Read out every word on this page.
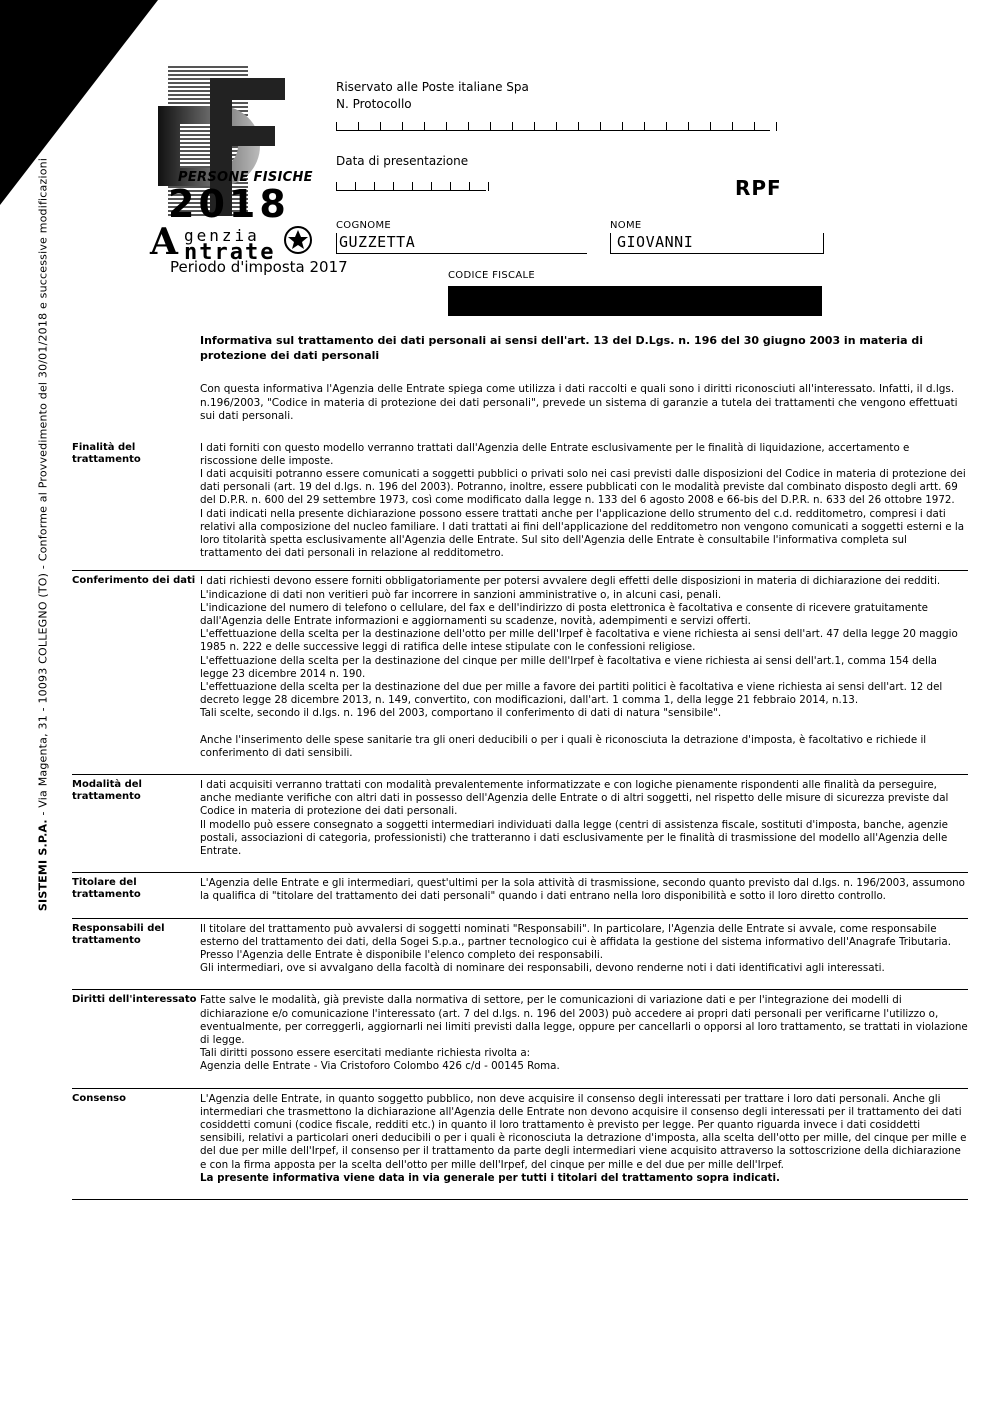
SISTEMI S.P.A. - Via Magenta, 31 - 10093 COLLEGNO (TO) - Conforme al Provvedimento del 30/01/2018 e successive modificazioni	PERSONE FISICHE
2018
A genzia
ntrate
Periodo d'imposta 2017
Riservato alle Poste italiane Spa
N. Protocollo
Data di presentazione
RPF
COGNOME
GUZZETTA
NOME
GIOVANNI
CODICE FISCALE
Informativa sul trattamento dei dati personali ai sensi dell'art. 13 del D.Lgs. n. 196 del 30 giugno 2003 in materia di protezione dei dati personali
Con questa informativa l'Agenzia delle Entrate spiega come utilizza i dati raccolti e quali sono i diritti riconosciuti all'interessato. Infatti, il d.lgs. n.196/2003, "Codice in materia di protezione dei dati personali", prevede un sistema di garanzie a tutela dei trattamenti che vengono effettuati sui dati personali.
Finalità del trattamento

I dati forniti con questo modello verranno trattati dall'Agenzia delle Entrate esclusivamente per le finalità di liquidazione, accertamento e riscossione delle imposte.

I dati acquisiti potranno essere comunicati a soggetti pubblici o privati solo nei casi previsti dalle disposizioni del Codice in materia di protezione dei dati personali (art. 19 del d.lgs. n. 196 del 2003). Potranno, inoltre, essere pubblicati con le modalità previste dal combinato disposto degli artt. 69 del D.P.R. n. 600 del 29 settembre 1973, così come modificato dalla legge n. 133 del 6 agosto 2008 e 66-bis del D.P.R. n. 633 del 26 ottobre 1972.

I dati indicati nella presente dichiarazione possono essere trattati anche per l'applicazione dello strumento del c.d. redditometro, compresi i dati relativi alla composizione del nucleo familiare. I dati trattati ai fini dell'applicazione del redditometro non vengono comunicati a soggetti esterni e la loro titolarità spetta esclusivamente all'Agenzia delle Entrate. Sul sito dell'Agenzia delle Entrate è consultabile l'informativa completa sul trattamento dei dati personali in relazione al redditometro.

Conferimento dei dati I dati richiesti devono essere forniti obbligatoriamente per potersi avvalere degli effetti delle disposizioni in materia di dichiarazione dei redditi.

L'indicazione di dati non veritieri può far incorrere in sanzioni amministrative o, in alcuni casi, penali.

L'indicazione del numero di telefono o cellulare, del fax e dell'indirizzo di posta elettronica è facoltativa e consente di ricevere gratuitamente dall'Agenzia delle Entrate informazioni e aggiornamenti su scadenze, novità, adempimenti e servizi offerti.

L'effettuazione della scelta per la destinazione dell'otto per mille dell'Irpef è facoltativa e viene richiesta ai sensi dell'art. 47 della legge 20 maggio 1985 n. 222 e delle successive leggi di ratifica delle intese stipulate con le confessioni religiose.

L'effettuazione della scelta per la destinazione del cinque per mille dell'Irpef è facoltativa e viene richiesta ai sensi dell'art.1, comma 154 della legge 23 dicembre 2014 n. 190.

L'effettuazione della scelta per la destinazione del due per mille a favore dei partiti politici è facoltativa e viene richiesta ai sensi dell'art. 12 del decreto legge 28 dicembre 2013, n. 149, convertito, con modificazioni, dall'art. 1 comma 1, della legge 21 febbraio 2014, n.13.

Tali scelte, secondo il d.lgs. n. 196 del 2003, comportano il conferimento di dati di natura "sensibile".

Anche l'inserimento delle spese sanitarie tra gli oneri deducibili o per i quali è riconosciuta la detrazione d'imposta, è facoltativo e richiede il conferimento di dati sensibili.

Modalità del trattamento

I dati acquisiti verranno trattati con modalità prevalentemente informatizzate e con logiche pienamente rispondenti alle finalità da perseguire, anche mediante verifiche con altri dati in possesso dell'Agenzia delle Entrate o di altri soggetti, nel rispetto delle misure di sicurezza previste dal Codice in materia di protezione dei dati personali.

Il modello può essere consegnato a soggetti intermediari individuati dalla legge (centri di assistenza fiscale, sostituti d'imposta, banche, agenzie postali, associazioni di categoria, professionisti) che tratteranno i dati esclusivamente per le finalità di trasmissione del modello all'Agenzia delle Entrate.

Titolare del trattamento

L'Agenzia delle Entrate e gli intermediari, quest'ultimi per la sola attività di trasmissione, secondo quanto previsto dal d.lgs. n. 196/2003, assumono la qualifica di "titolare del trattamento dei dati personali" quando i dati entrano nella loro disponibilità e sotto il loro diretto controllo.

Responsabili del trattamento

Il titolare del trattamento può avvalersi di soggetti nominati "Responsabili". In particolare, l'Agenzia delle Entrate si avvale, come responsabile esterno del trattamento dei dati, della Sogei S.p.a., partner tecnologico cui è affidata la gestione del sistema informativo dell'Anagrafe Tributaria.

Presso l'Agenzia delle Entrate è disponibile l'elenco completo dei responsabili.

Gli intermediari, ove si avvalgano della facoltà di nominare dei responsabili, devono renderne noti i dati identificativi agli interessati.

Diritti dell'interessato Fatte salve le modalità, già previste dalla normativa di settore, per le comunicazioni di variazione dati e per l'integrazione dei modelli di dichiarazione e/o comunicazione l'interessato (art. 7 del d.lgs. n. 196 del 2003) può accedere ai propri dati personali per verificarne l'utilizzo o, eventualmente, per correggerli, aggiornarli nei limiti previsti dalla legge, oppure per cancellarli o opporsi al loro trattamento, se trattati in violazione di legge.

Tali diritti possono essere esercitati mediante richiesta rivolta a:

Agenzia delle Entrate - Via Cristoforo Colombo 426 c/d - 00145 Roma.

Consenso	L'Agenzia delle Entrate, in quanto soggetto pubblico, non deve acquisire il consenso degli interessati per trattare i loro dati personali. Anche gli intermediari che trasmettono la dichiarazione all'Agenzia delle Entrate non devono acquisire il consenso degli interessati per il trattamento dei dati cosiddetti comuni (codice fiscale, redditi etc.) in quanto il loro trattamento è previsto per legge. Per quanto riguarda invece i dati cosiddetti sensibili, relativi a particolari oneri deducibili o per i quali è riconosciuta la detrazione d'imposta, alla scelta dell'otto per mille, del cinque per mille e del due per mille dell'Irpef, il consenso per il trattamento da parte degli intermediari viene acquisito attraverso la sottoscrizione della dichiarazione e con la firma apposta per la scelta dell'otto per mille dell'Irpef, del cinque per mille e del due per mille dell'Irpef.

La presente informativa viene data in via generale per tutti i titolari del trattamento sopra indicati.
